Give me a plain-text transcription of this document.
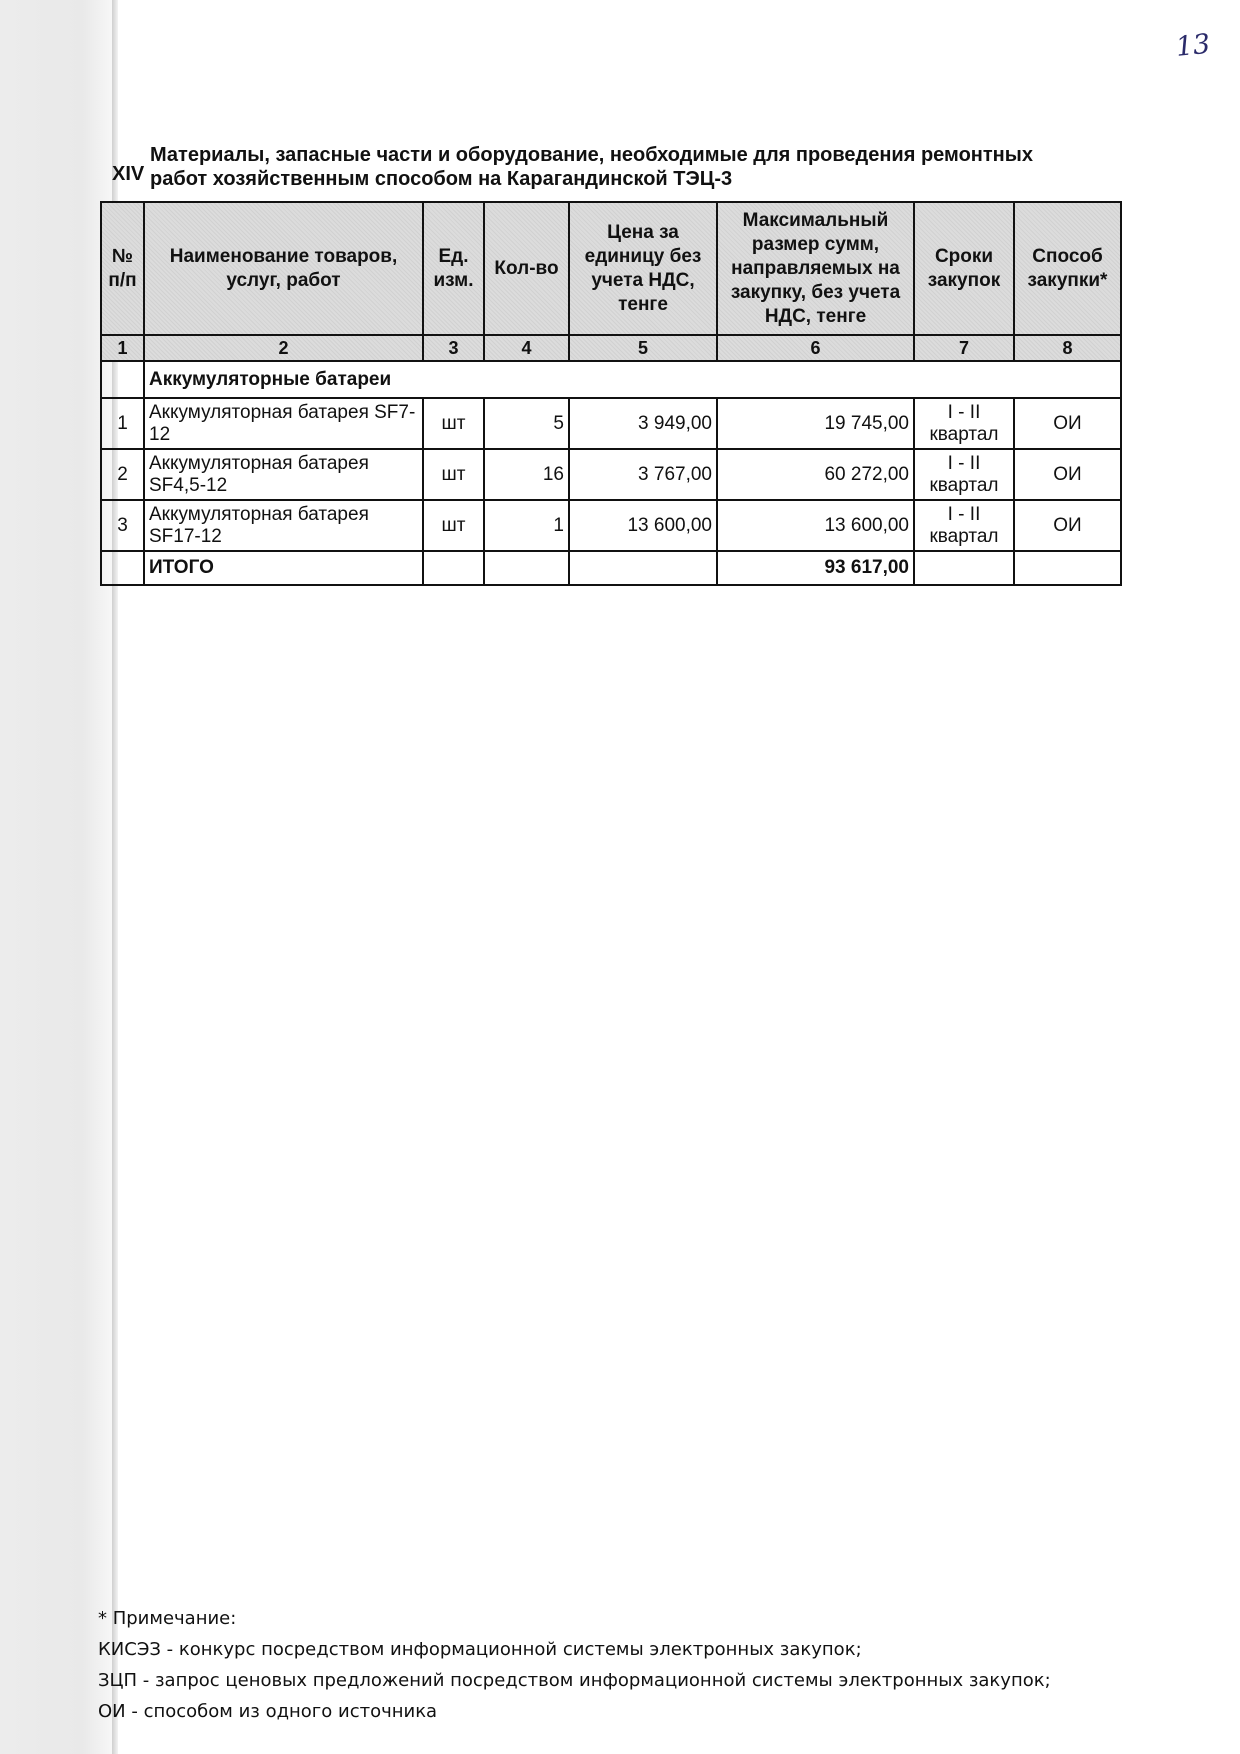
13
XIV
Материалы, запасные части и оборудование, необходимые для проведения ремонтных работ хозяйственным способом на Карагандинской ТЭЦ-3
№ п/п	Наименование товаров, услуг, работ	Ед. изм.	Кол-во	Цена за единицу без учета НДС, тенге	Максимальный размер сумм, направляемых на закупку, без учета НДС, тенге	Сроки закупок	Способ закупки*
1	2	3	4	5	6	7	8
	Аккумуляторные батареи						
1	Аккумуляторная батарея SF7-12	шт	5	3 949,00	19 745,00	I - II квартал	ОИ
2	Аккумуляторная батарея SF4,5-12	шт	16	3 767,00	60 272,00	I - II квартал	ОИ
3	Аккумуляторная батарея SF17-12	шт	1	13 600,00	13 600,00	I - II квартал	ОИ
	ИТОГО				93 617,00		
* Примечание:
КИСЭЗ - конкурс посредством информационной системы электронных закупок;
ЗЦП - запрос ценовых предложений посредством информационной системы электронных закупок;
ОИ - способом из одного источника
